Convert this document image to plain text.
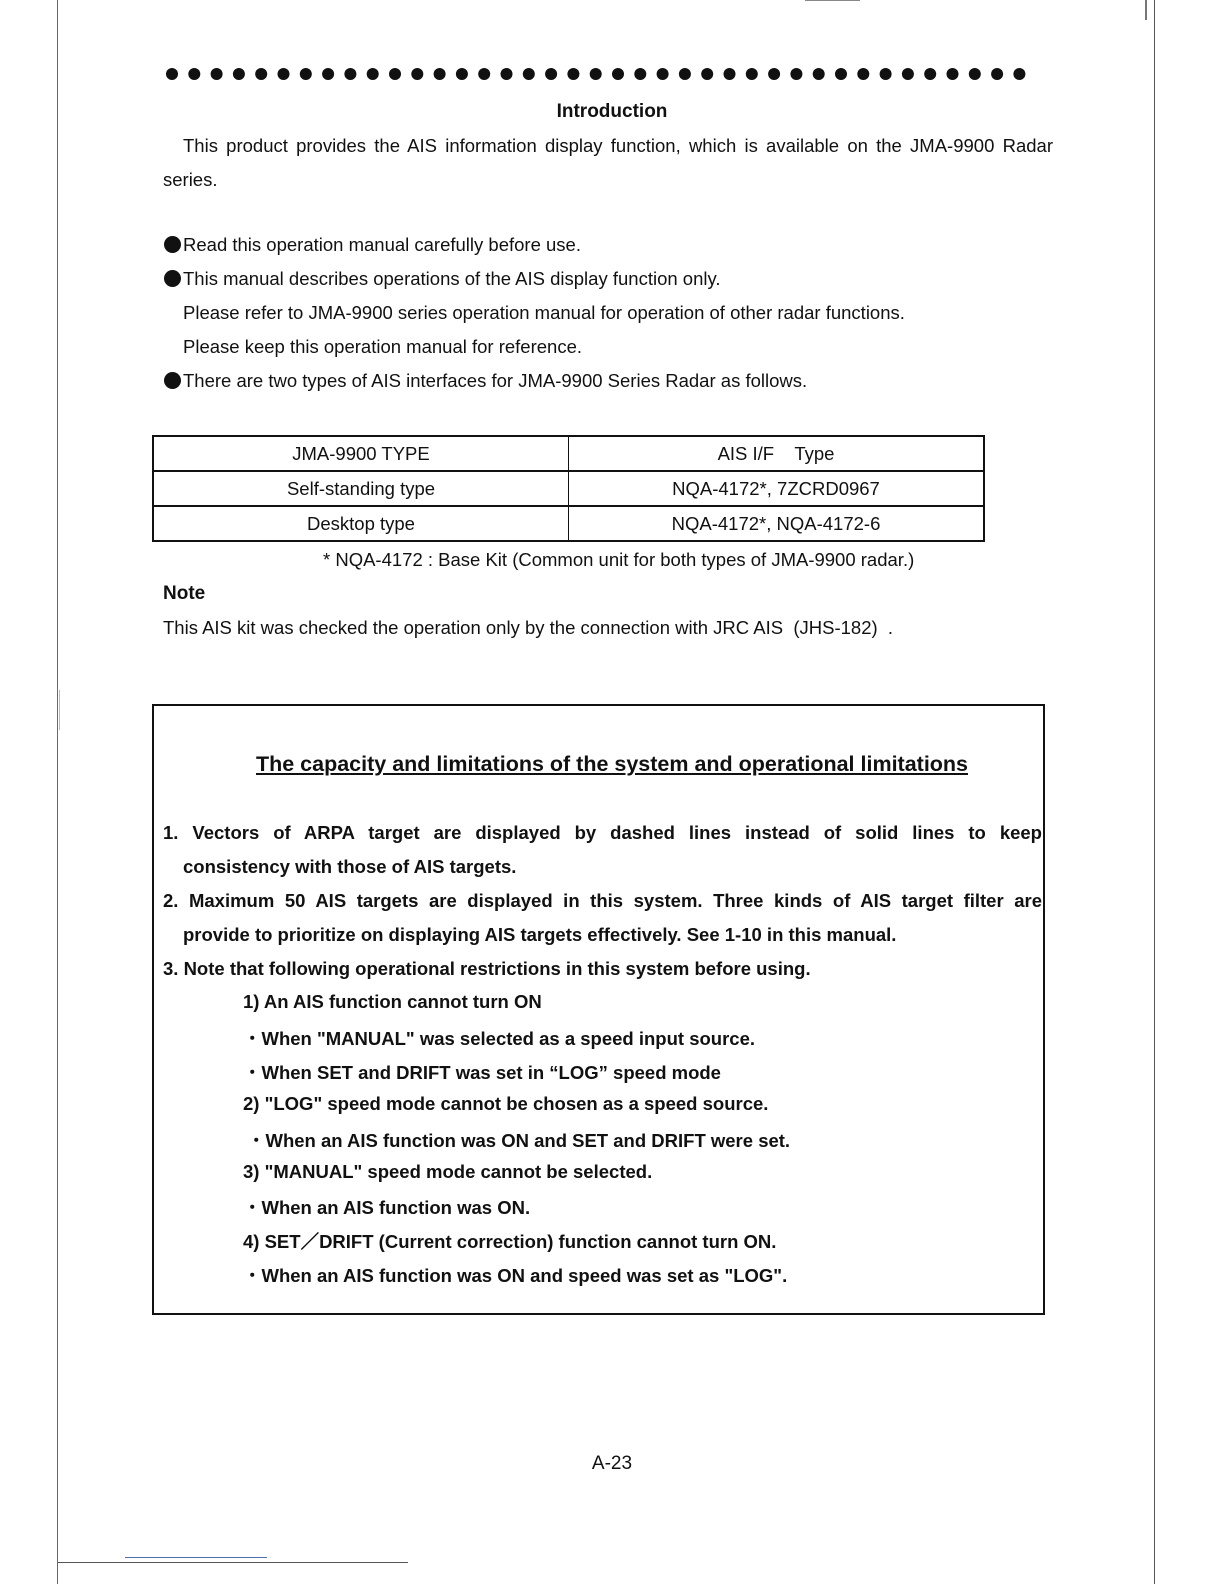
Introduction
This product provides the AIS information display function, which is available on the JMA-9900 Radar series.
Read this operation manual carefully before use.
This manual describes operations of the AIS display function only.
Please refer to JMA-9900 series operation manual for operation of other radar functions.
Please keep this operation manual for reference.
There are two types of AIS interfaces for JMA-9900 Series Radar as follows.
JMA-9900 TYPE	AIS I/F    Type
Self-standing type	NQA-4172*, 7ZCRD0967
Desktop type	NQA-4172*, NQA-4172-6
* NQA-4172 : Base Kit (Common unit for both types of JMA-9900 radar.)
Note
This AIS kit was checked the operation only by the connection with JRC AIS  (JHS-182)  .
The capacity and limitations of the system and operational limitations
1. Vectors of ARPA target are displayed by dashed lines instead of solid lines to keep
consistency with those of AIS targets.
2. Maximum 50 AIS targets are displayed in this system. Three kinds of AIS target filter are
provide to prioritize on displaying AIS targets effectively. See 1-10 in this manual.
3. Note that following operational restrictions in this system before using.
1) An AIS function cannot turn ON
・When "MANUAL" was selected as a speed input source.
・When SET and DRIFT was set in “LOG” speed mode
2) "LOG" speed mode cannot be chosen as a speed source.
・When an AIS function was ON and SET and DRIFT were set.
3) "MANUAL" speed mode cannot be selected.
・When an AIS function was ON.
4) SET／DRIFT (Current correction) function cannot turn ON.
・When an AIS function was ON and speed was set as "LOG".
A-23
